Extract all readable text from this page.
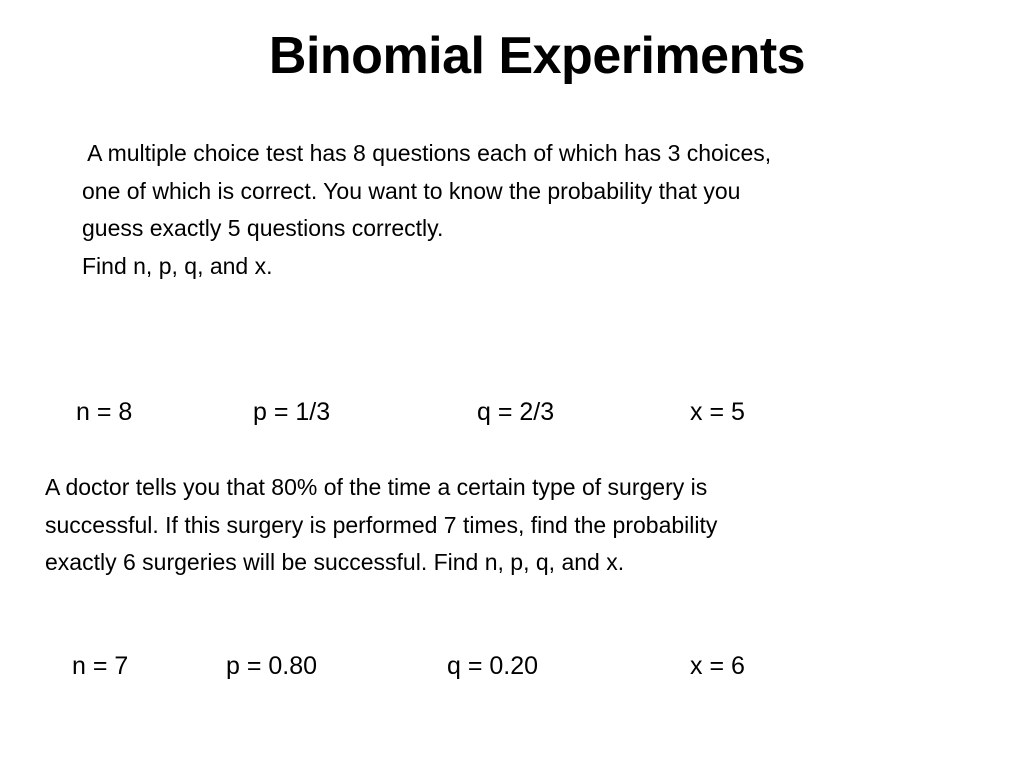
Binomial Experiments
A multiple choice test has 8 questions each of which has 3 choices,
one of which is correct. You want to know the probability that you
guess exactly 5 questions correctly.
Find n, p, q, and x.
n = 8	p = 1/3	q = 2/3	x = 5
A doctor tells you that 80% of the time a certain type of surgery is
successful. If this surgery is performed 7 times, find the probability
exactly 6 surgeries will be successful. Find n, p, q, and x.
n = 7	p = 0.80	q = 0.20	x = 6
